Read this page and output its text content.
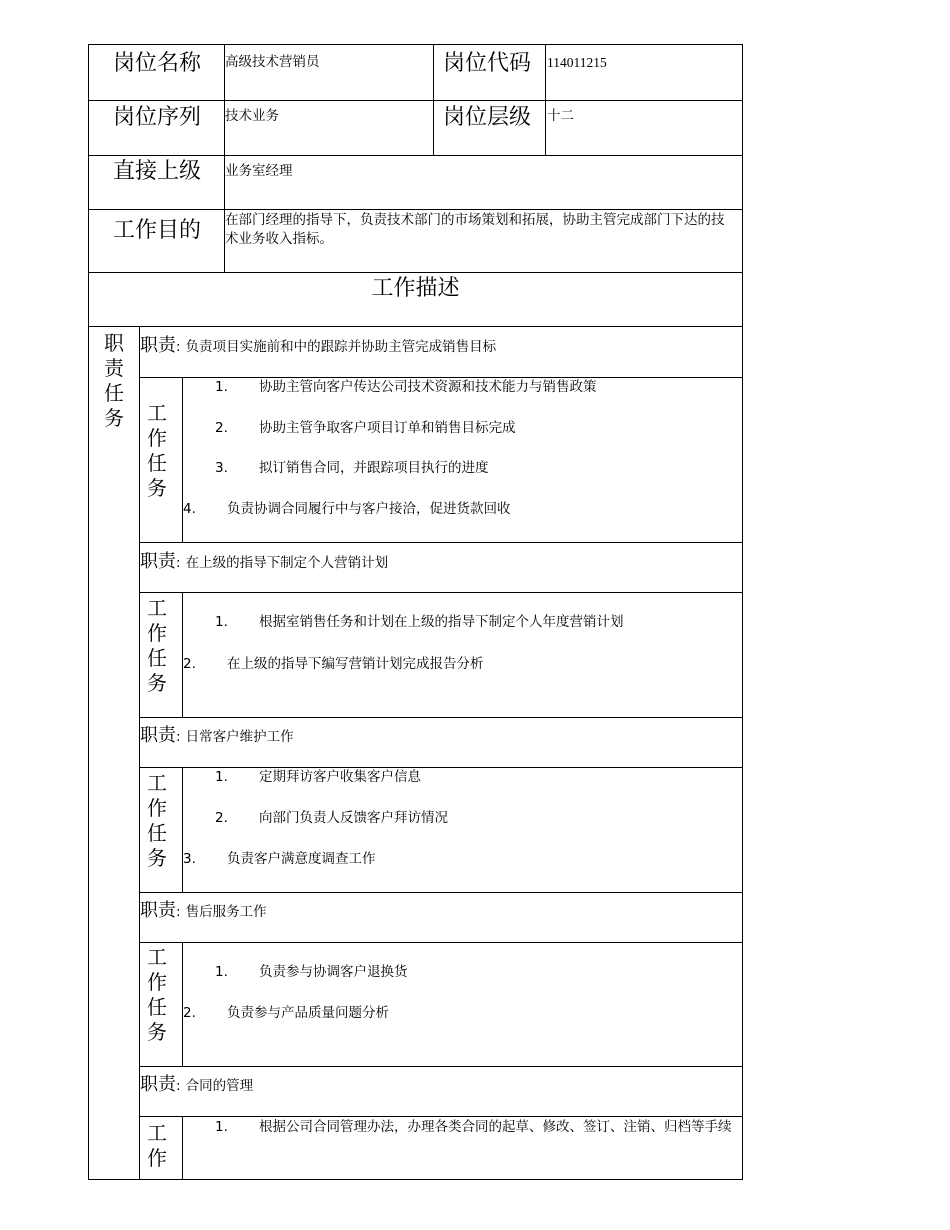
岗位名称 高级技术营销员	岗位代码 114011215
岗位序列 技术业务	岗位层级 十二
直接上级 业务室经理
工作目的 在部门经理的指导下，负责技术部门的市场策划和拓展，协助主管完成部门下达的技术业务收入指标。
工作描述
职责任务
职责: 负责项目实施前和中的跟踪并协助主管完成销售目标
工作任务
1. 协助主管向客户传达公司技术资源和技术能力与销售政策
2. 协助主管争取客户项目订单和销售目标完成
3. 拟订销售合同，并跟踪项目执行的进度
4. 负责协调合同履行中与客户接洽，促进货款回收
职责: 在上级的指导下制定个人营销计划
工作任务
1. 根据室销售任务和计划在上级的指导下制定个人年度营销计划
2. 在上级的指导下编写营销计划完成报告分析
职责: 日常客户维护工作
工作任务
1. 定期拜访客户收集客户信息
2. 向部门负责人反馈客户拜访情况
3. 负责客户满意度调查工作
职责: 售后服务工作
工作任务
1. 负责参与协调客户退换货
2. 负责参与产品质量问题分析
职责: 合同的管理
工作
1. 根据公司合同管理办法，办理各类合同的起草、修改、签订、注销、归档等手续
